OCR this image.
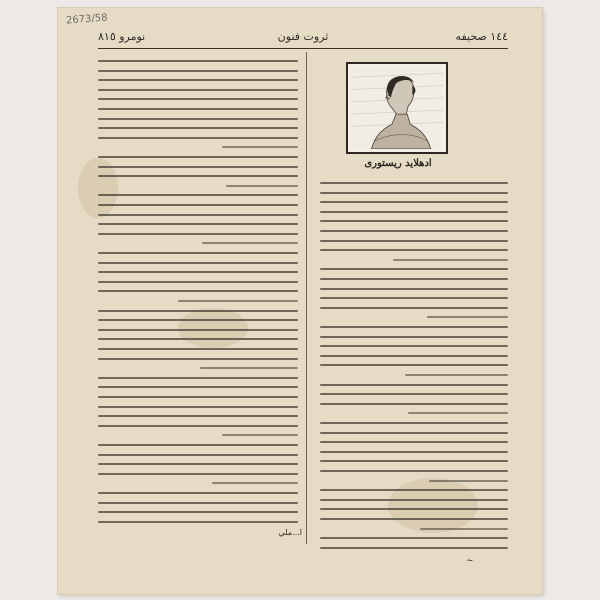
2673/58
١٤٤ صحيفه
ثروت فنون
نومرو ٨١٥
ادهلايد ریستوری
ا...ملي
~
